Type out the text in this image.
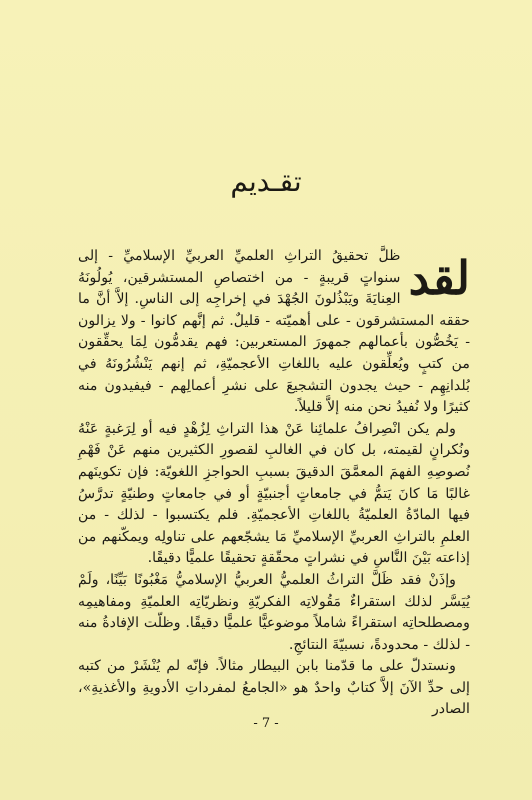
تقـديم

لقد
ظلَّ تحقيقُ التراثِ العلميِّ العربيِّ الإسلاميِّ - إلى سنواتٍ قريبةٍ - من اختصاصِ المستشرقين، يُولُونَهُ العِنايَةَ ويَبْذُلونَ الجُهْدَ في إخراجِه إلى الناسِ. إلاَّ أنَّ ما حققه المستشرقون - على أهميّته - قليلٌ. ثم إنَّهم كانوا - ولا يزالون - يَخُصُّون بأعمالهم جمهورَ المستعربين: فهم يقدمُّون لِمَا يحقِّقون من كتبٍ ويُعلِّقون عليه باللغاتِ الأعجميّةِ، ثم إنهم يَنْشُرُونَهُ في بُلدانِهِم - حيث يجدون التشجيعَ على نشرِ أعمالِهم - فيفيدون منه كثيرًا ولا نُفيدُ نحن منه إلاَّ قليلاً.

ولم يكن انْصِرافُ علمائِنا عَنْ هذا التراثِ لِزُهْدٍ فيه أو لِرَغبةٍ عَنْهُ ونُكرانٍ لقيمته، بل كان في الغالبِ لقصورِ الكثيرين منهم عَنْ فَهْمِ نُصوصِهِ الفهمَ المعمَّقَ الدقيقَ بسببِ الحواجزِ اللغويّة: فإن تكوينَهم غالبًا مَا كانَ يَتمُّ في جامعاتٍ أجنبيّةٍ أو في جامعاتٍ وطنيّةٍ تدرَّسُ فيها المادّةُ العلميّةُ باللغاتِ الأعجميّةِ. فلم يكتسبوا - لذلك - من العلمِ بالتراثِ العربيِّ الإسلاميِّ مَا يشجّعهم على تناولِه ويمكّنهم من إذاعته بَيْنَ النَّاسِ في نشراتٍ محقّقةٍ تحقيقًا علميًّا دقيقًا.

وإذَنْ فقد ظَلَّ التراثُ العلميُّ العربيُّ الإسلاميُّ مَغْبُونًا بَيِّنًا، ولَمْ يُيَسَّر لذلك استقراءٌ مَقُولاتِه الفكريّةِ ونظريّاتِه العلميّةِ ومفاهيمِه ومصطلحاتِه استقراءً شاملاً موضوعيًّا علميًّا دقيقًا. وظلّت الإفادةُ منه - لذلك - محدودةً، نسبيّةَ النتائجِ.

ونستدلّ على ما قدّمنا بابن البيطار مثالاً. فإنّه لم يُنْشَرْ من كتبه إلى حدِّ الآنَ إلاَّ كتابٌ واحدٌ هو «الجامعُ لمفرداتِ الأدويةِ والأغذيةِ»، الصادر

- 7 -
